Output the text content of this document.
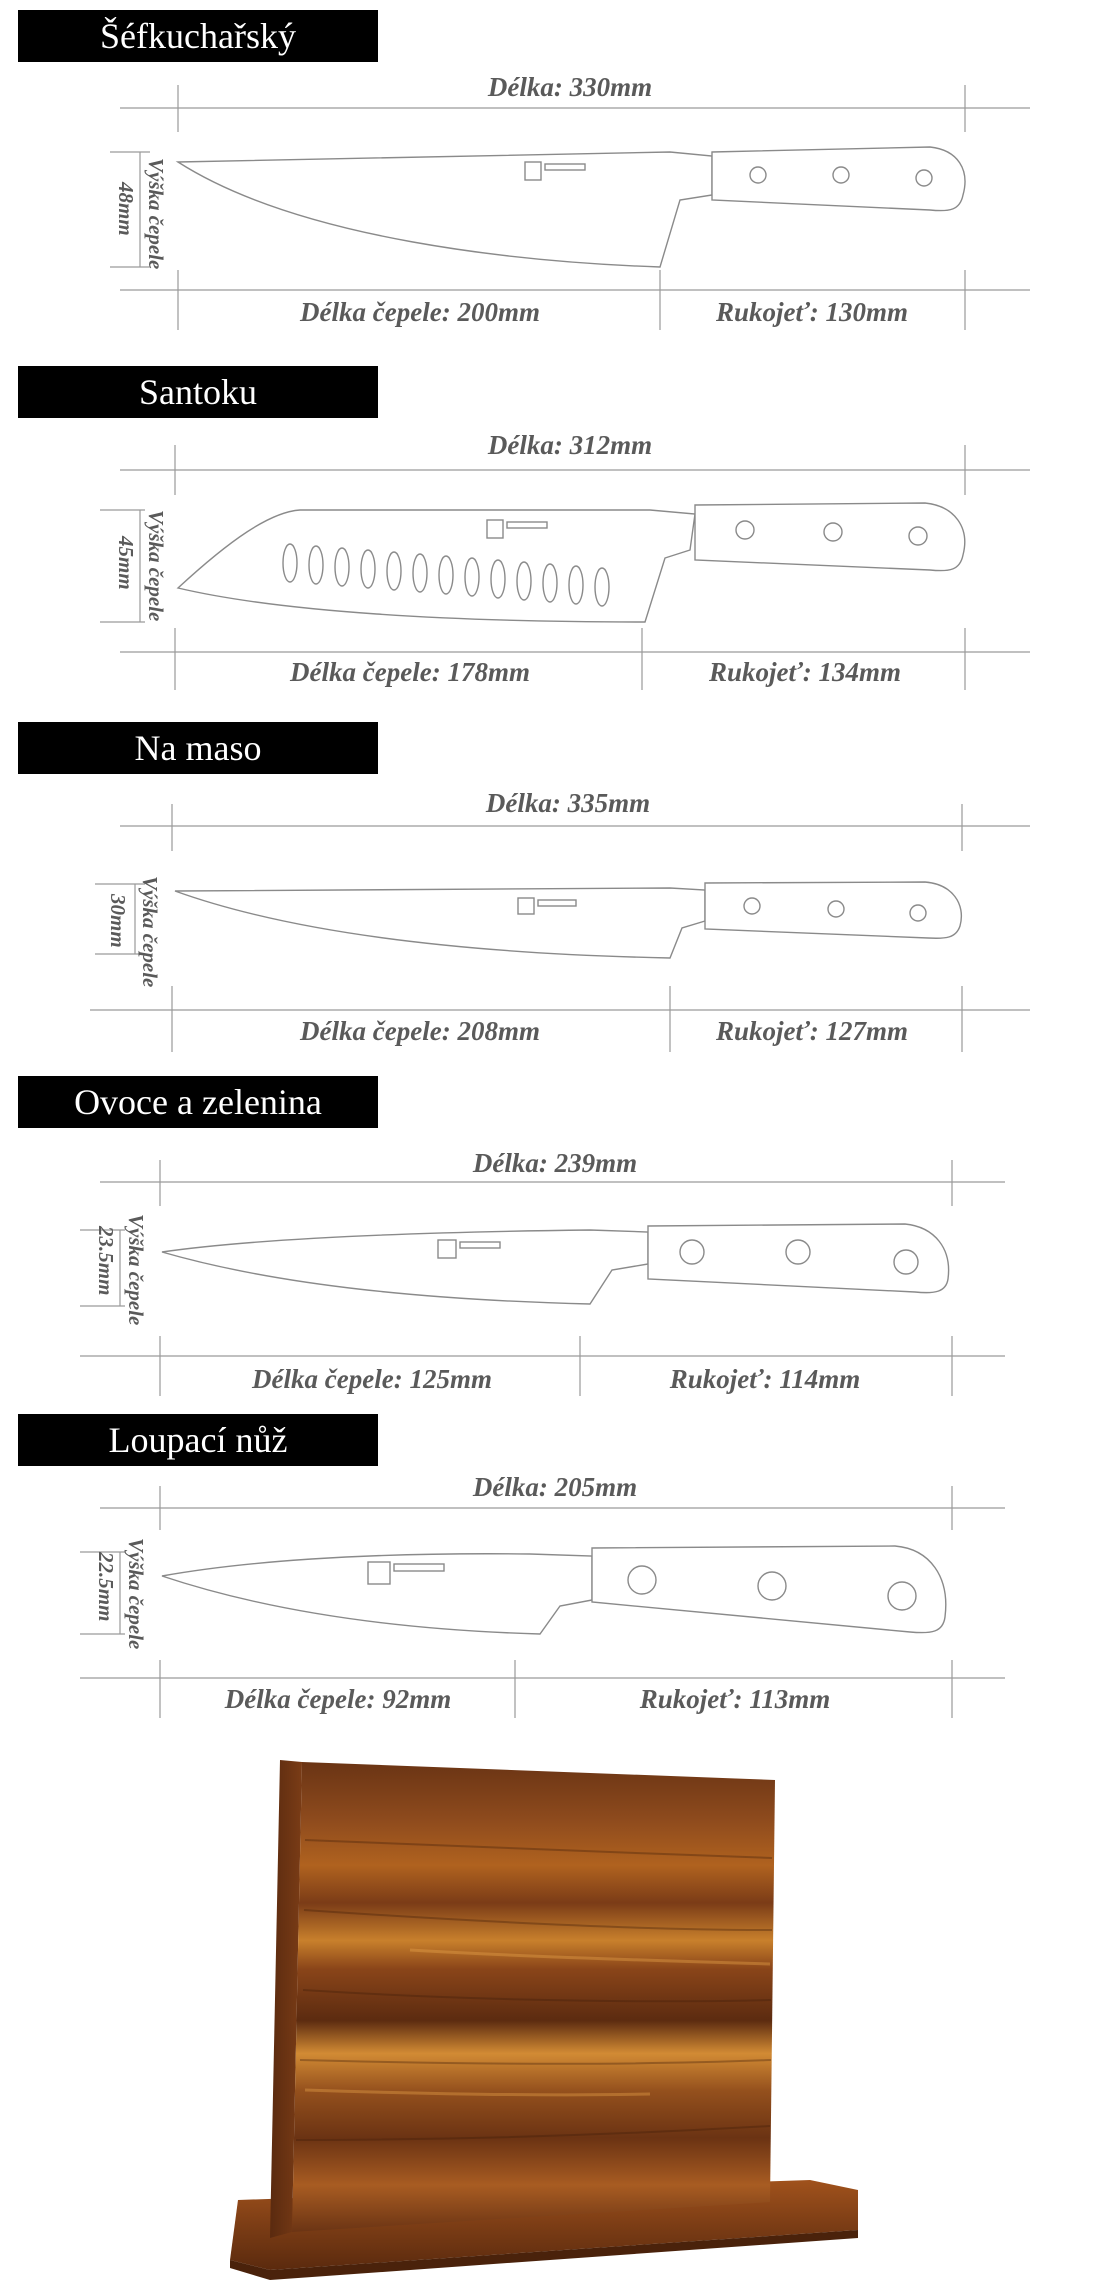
Šéfkuchařský
Délka: 330mm
Výška čepele
48mm
Délka čepele: 200mm	Rukojeť: 130mm
Santoku
Délka: 312mm
Výška čepele
45mm
Délka čepele: 178mm	Rukojeť: 134mm
Na maso
Délka: 335mm
Výška čepele
30mm
Délka čepele: 208mm	Rukojeť: 127mm
Ovoce a zelenina
Délka: 239mm
Výška čepele
23.5mm
Délka čepele: 125mm	Rukojeť: 114mm
Loupací nůž
Délka: 205mm
Výška čepele
22.5mm
Délka čepele: 92mm	Rukojeť: 113mm
